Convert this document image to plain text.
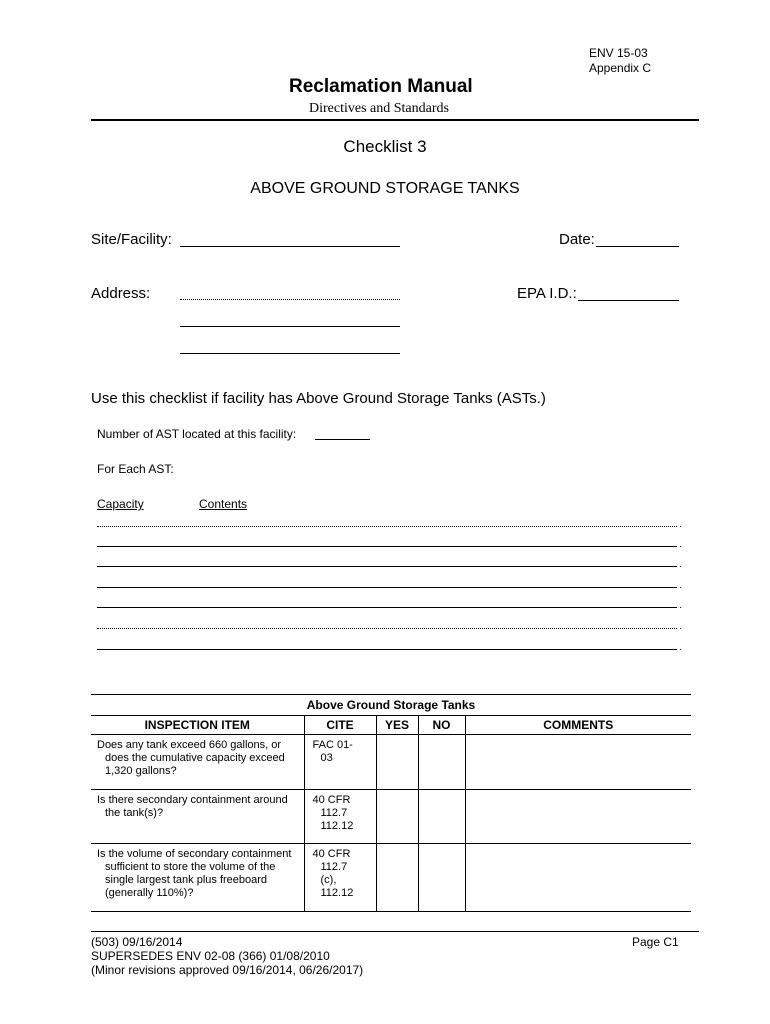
ENV 15-03
Appendix C
Reclamation Manual
Directives and Standards
Checklist 3
ABOVE GROUND STORAGE TANKS
Site/Facility:	Date:
Address:	EPA I.D.:
Use this checklist if facility has Above Ground Storage Tanks (ASTs.)
Number of AST located at this facility:
For Each AST:
Capacity	Contents
.
.
.
.
.
.
.
Above Ground Storage Tanks				
INSPECTION ITEM	CITE	YES	NO	COMMENTS

Does any tank exceed 660 gallons, or
does the cumulative capacity exceed
1,320 gallons?	FAC 01-
03			

Is there secondary containment around
the tank(s)?	40 CFR
112.7
112.12			

Is the volume of secondary containment
sufficient to store the volume of the
single largest tank plus freeboard
(generally 110%)?	40 CFR
112.7
(c),
112.12			

(503) 09/16/2014
SUPERSEDES ENV 02-08 (366) 01/08/2010
(Minor revisions approved 09/16/2014, 06/26/2017)
Page C1
